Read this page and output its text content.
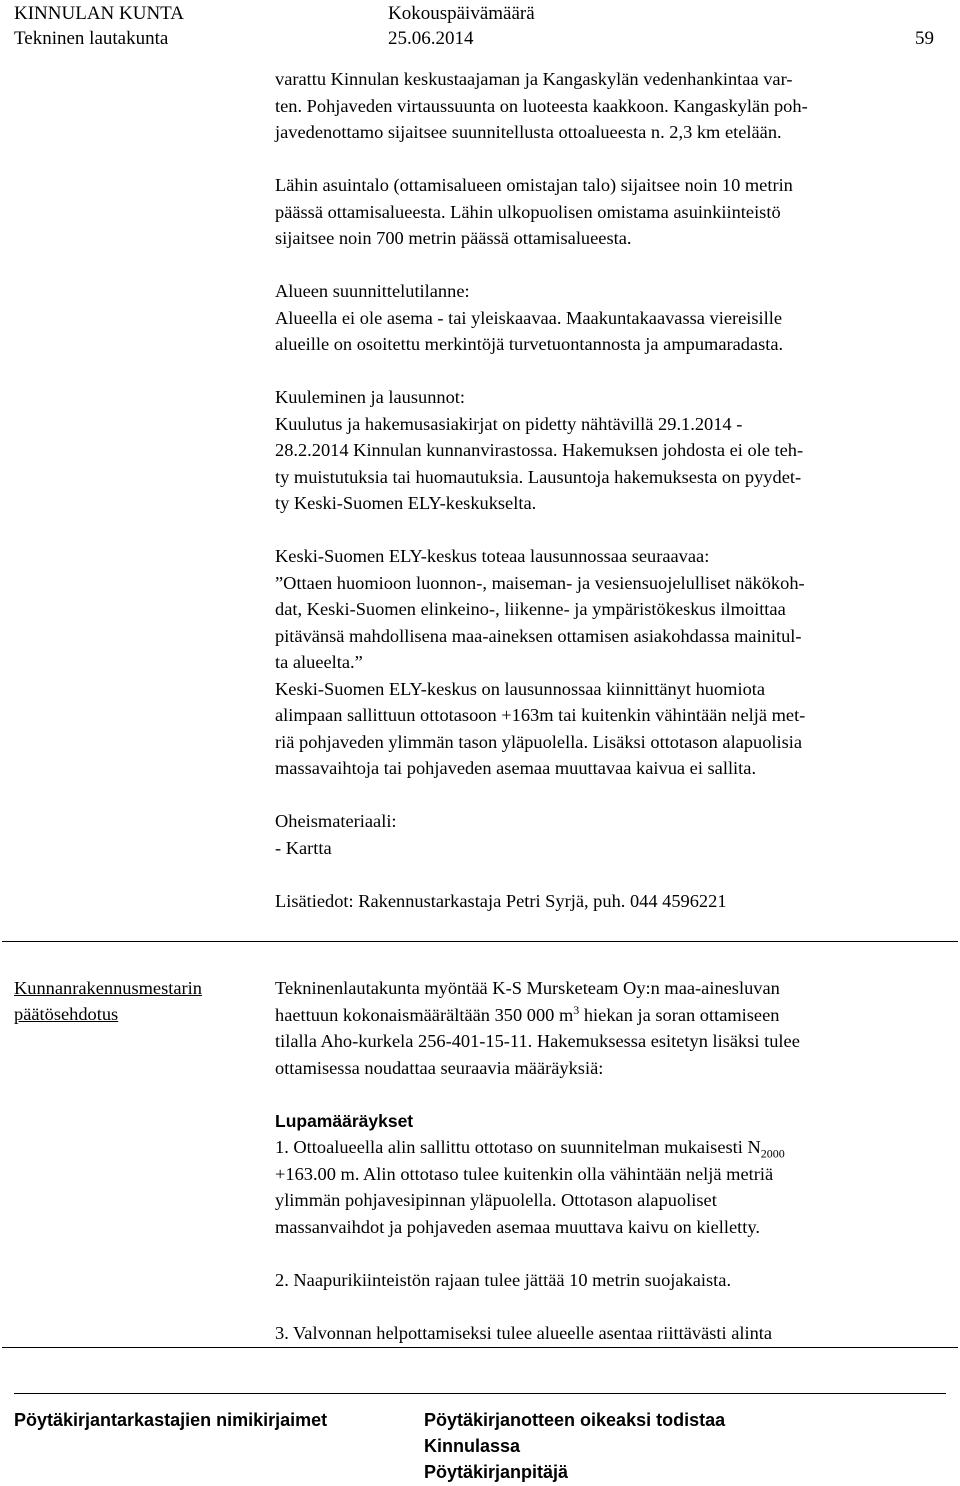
KINNULAN KUNTA
Tekninen lautakunta
Kokouspäivämäärä
25.06.2014	59

varattu Kinnulan keskustaajaman ja Kangaskylän vedenhankintaa var-

ten. Pohjaveden virtaussuunta on luoteesta kaakkoon. Kangaskylän poh-

javedenottamo sijaitsee suunnitellusta ottoalueesta n. 2,3 km etelään.

Lähin asuintalo (ottamisalueen omistajan talo) sijaitsee noin 10 metrin

päässä ottamisalueesta. Lähin ulkopuolisen omistama asuinkiinteistö

sijaitsee noin 700 metrin päässä ottamisalueesta.

Alueen suunnittelutilanne:

Alueella ei ole asema - tai yleiskaavaa. Maakuntakaavassa viereisille

alueille on osoitettu merkintöjä turvetuontannosta ja ampumaradasta.

Kuuleminen ja lausunnot:

Kuulutus ja hakemusasiakirjat on pidetty nähtävillä 29.1.2014 -

28.2.2014 Kinnulan kunnanvirastossa. Hakemuksen johdosta ei ole teh-

ty muistutuksia tai huomautuksia. Lausuntoja hakemuksesta on pyydet-

ty Keski-Suomen ELY-keskukselta.

Keski-Suomen ELY-keskus toteaa lausunnossaa seuraavaa:

”Ottaen huomioon luonnon-, maiseman- ja vesiensuojelulliset näkökoh-

dat, Keski-Suomen elinkeino-, liikenne- ja ympäristökeskus ilmoittaa

pitävänsä mahdollisena maa-aineksen ottamisen asiakohdassa mainitul-

ta alueelta.”

Keski-Suomen ELY-keskus on lausunnossaa kiinnittänyt huomiota

alimpaan sallittuun ottotasoon +163m tai kuitenkin vähintään neljä met-

riä pohjaveden ylimmän tason yläpuolella. Lisäksi ottotason alapuolisia

massavaihtoja tai pohjaveden asemaa muuttavaa kaivua ei sallita.

Oheismateriaali:

- Kartta

Lisätiedot: Rakennustarkastaja Petri Syrjä, puh. 044 4596221

Kunnanrakennusmestarin
päätösehdotus

Tekninenlautakunta myöntää K-S Mursketeam Oy:n maa-ainesluvan

haettuun kokonaismäärältään 350 000 $m^3$ hiekan ja soran ottamiseen

tilalla Aho-kurkela 256-401-15-11. Hakemuksessa esitetyn lisäksi tulee

ottamisessa noudattaa seuraavia määräyksiä:

Lupamääräykset

1. Ottoalueella alin sallittu ottotaso on suunnitelman mukaisesti $N_{2000}$

+163.00 m. Alin ottotaso tulee kuitenkin olla vähintään neljä metriä

ylimmän pohjavesipinnan yläpuolella. Ottotason alapuoliset

massanvaihdot ja pohjaveden asemaa muuttava kaivu on kielletty.

2. Naapurikiinteistön rajaan tulee jättää 10 metrin suojakaista.

3. Valvonnan helpottamiseksi tulee alueelle asentaa riittävästi alinta

Pöytäkirjantarkastajien nimikirjaimet	Pöytäkirjanotteen oikeaksi todistaa
Kinnulassa
Pöytäkirjanpitäjä
